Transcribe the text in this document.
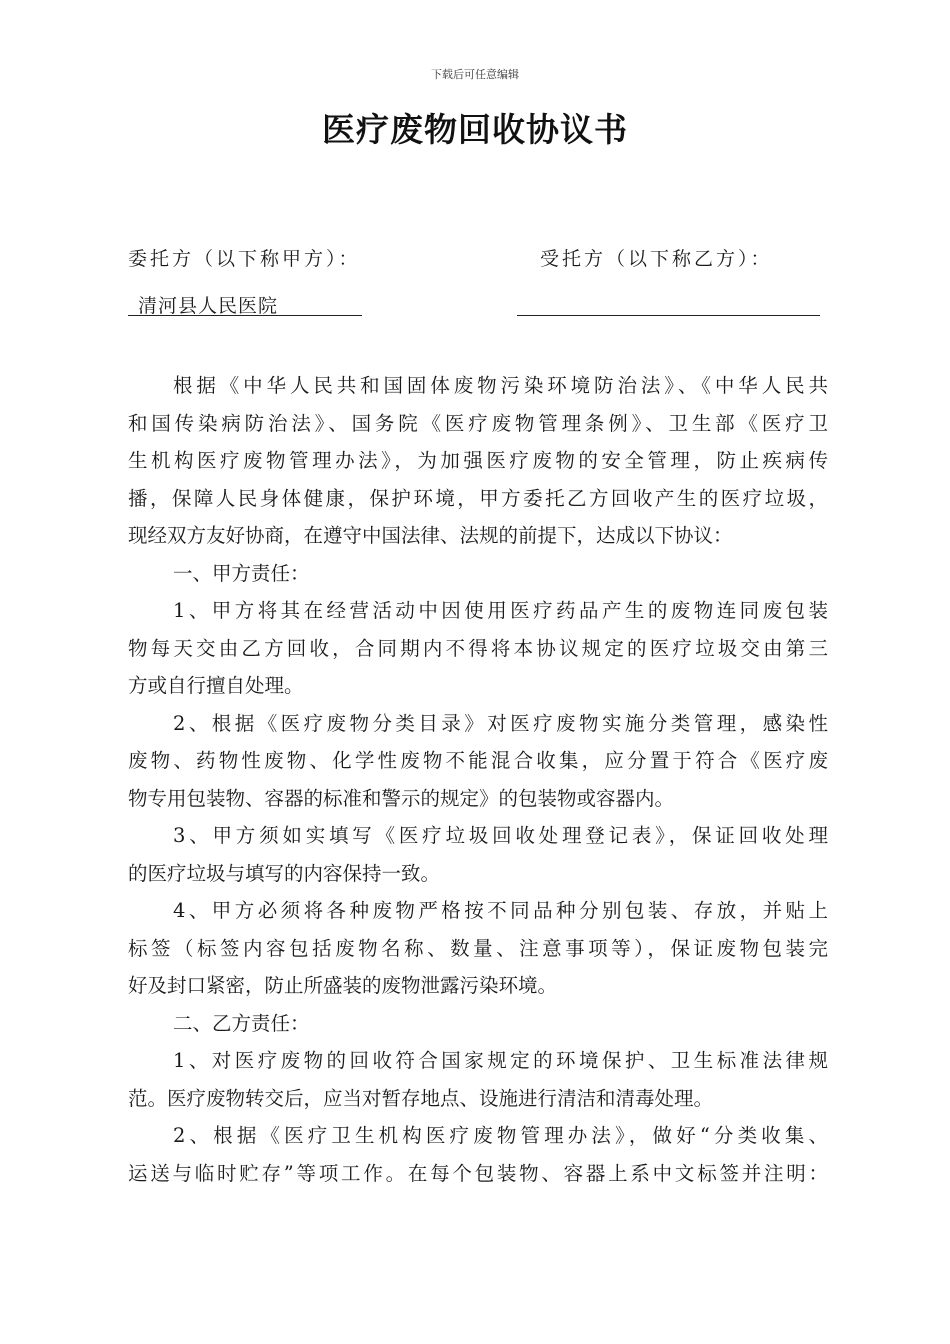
下载后可任意编辑
医疗废物回收协议书
委托方（以下称甲方）：	受托方（以下称乙方）：
清河县人民医院
根据《中华人民共和国固体废物污染环境防治法》、《中华人民共
和国传染病防治法》、国务院《医疗废物管理条例》、卫生部《医疗卫
生机构医疗废物管理办法》，为加强医疗废物的安全管理，防止疾病传
播，保障人民身体健康，保护环境，甲方委托乙方回收产生的医疗垃圾，
现经双方友好协商，在遵守中国法律、法规的前提下，达成以下协议：
一、甲方责任：
1、甲方将其在经营活动中因使用医疗药品产生的废物连同废包装
物每天交由乙方回收，合同期内不得将本协议规定的医疗垃圾交由第三
方或自行擅自处理。
2、根据《医疗废物分类目录》对医疗废物实施分类管理，感染性
废物、药物性废物、化学性废物不能混合收集，应分置于符合《医疗废
物专用包装物、容器的标准和警示的规定》的包装物或容器内。
3、甲方须如实填写《医疗垃圾回收处理登记表》，保证回收处理
的医疗垃圾与填写的内容保持一致。
4、甲方必须将各种废物严格按不同品种分别包装、存放，并贴上
标签（标签内容包括废物名称、数量、注意事项等），保证废物包装完
好及封口紧密，防止所盛装的废物泄露污染环境。
二、乙方责任：
1、对医疗废物的回收符合国家规定的环境保护、卫生标准法律规
范。医疗废物转交后，应当对暂存地点、设施进行清洁和清毒处理。
2、根据《医疗卫生机构医疗废物管理办法》，做好“分类收集、
运送与临时贮存”等项工作。在每个包装物、容器上系中文标签并注明：
